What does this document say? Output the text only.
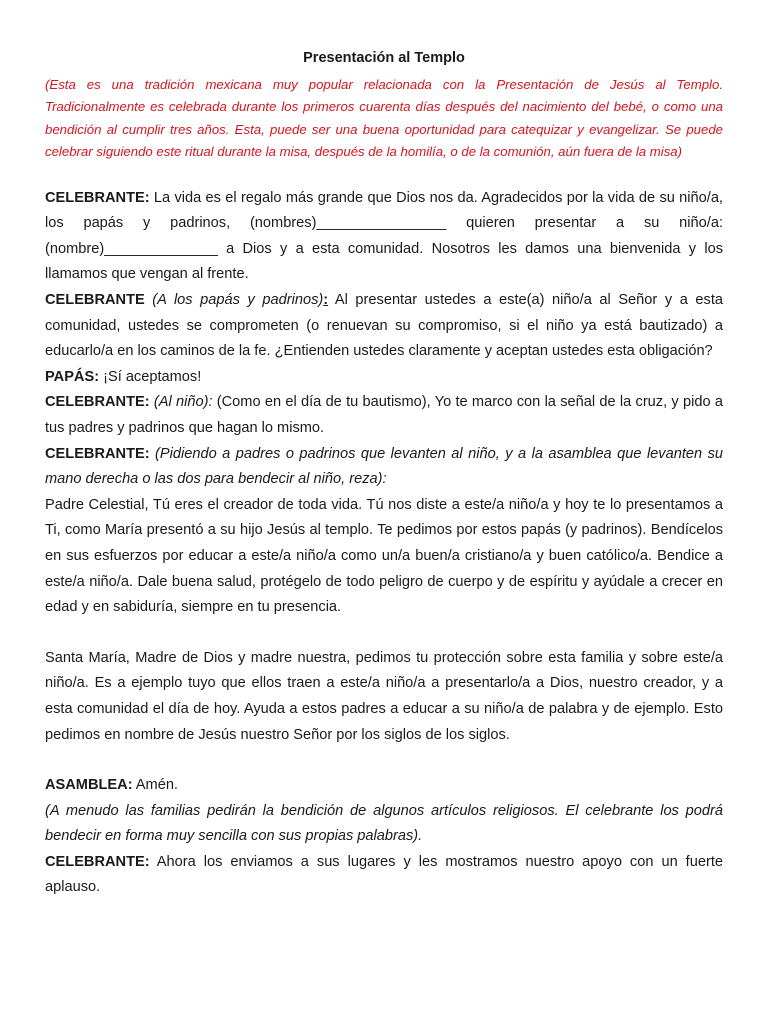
Presentación al Templo

(Esta es una tradición mexicana muy popular relacionada con la Presentación de Jesús al Templo. Tradicionalmente es celebrada durante los primeros cuarenta días después del nacimiento del bebé, o como una bendición al cumplir tres años. Esta, puede ser una buena oportunidad para catequizar y evangelizar. Se puede celebrar siguiendo este ritual durante la misa, después de la homilía, o de la comunión, aún fuera de la misa)

CELEBRANTE: La vida es el regalo más grande que Dios nos da. Agradecidos por la vida de su niño/a, los papás y padrinos, (nombres)________________ quieren presentar a su niño/a: (nombre)______________ a Dios y a esta comunidad. Nosotros les damos una bienvenida y los llamamos que vengan al frente.

CELEBRANTE (A los papás y padrinos): Al presentar ustedes a este(a) niño/a al Señor y a esta comunidad, ustedes se comprometen (o renuevan su compromiso, si el niño ya está bautizado) a educarlo/a en los caminos de la fe. ¿Entienden ustedes claramente y aceptan ustedes esta obligación?

PAPÁS: ¡Sí aceptamos!

CELEBRANTE: (Al niño): (Como en el día de tu bautismo), Yo te marco con la señal de la cruz, y pido a tus padres y padrinos que hagan lo mismo.

CELEBRANTE: (Pidiendo a padres o padrinos que levanten al niño, y a la asamblea que levanten su mano derecha o las dos para bendecir al niño, reza):

Padre Celestial, Tú eres el creador de toda vida. Tú nos diste a este/a niño/a y hoy te lo presentamos a Ti, como María presentó a su hijo Jesús al templo. Te pedimos por estos papás (y padrinos). Bendícelos en sus esfuerzos por educar a este/a niño/a como un/a buen/a cristiano/a y buen católico/a. Bendice a este/a niño/a. Dale buena salud, protégelo de todo peligro de cuerpo y de espíritu y ayúdale a crecer en edad y en sabiduría, siempre en tu presencia.

Santa María, Madre de Dios y madre nuestra, pedimos tu protección sobre esta familia y sobre este/a niño/a. Es a ejemplo tuyo que ellos traen a este/a niño/a a presentarlo/a a Dios, nuestro creador, y a esta comunidad el día de hoy. Ayuda a estos padres a educar a su niño/a de palabra y de ejemplo. Esto pedimos en nombre de Jesús nuestro Señor por los siglos de los siglos.

ASAMBLEA: Amén.

(A menudo las familias pedirán la bendición de algunos artículos religiosos. El celebrante los podrá bendecir en forma muy sencilla con sus propias palabras).

CELEBRANTE: Ahora los enviamos a sus lugares y les mostramos nuestro apoyo con un fuerte aplauso.
